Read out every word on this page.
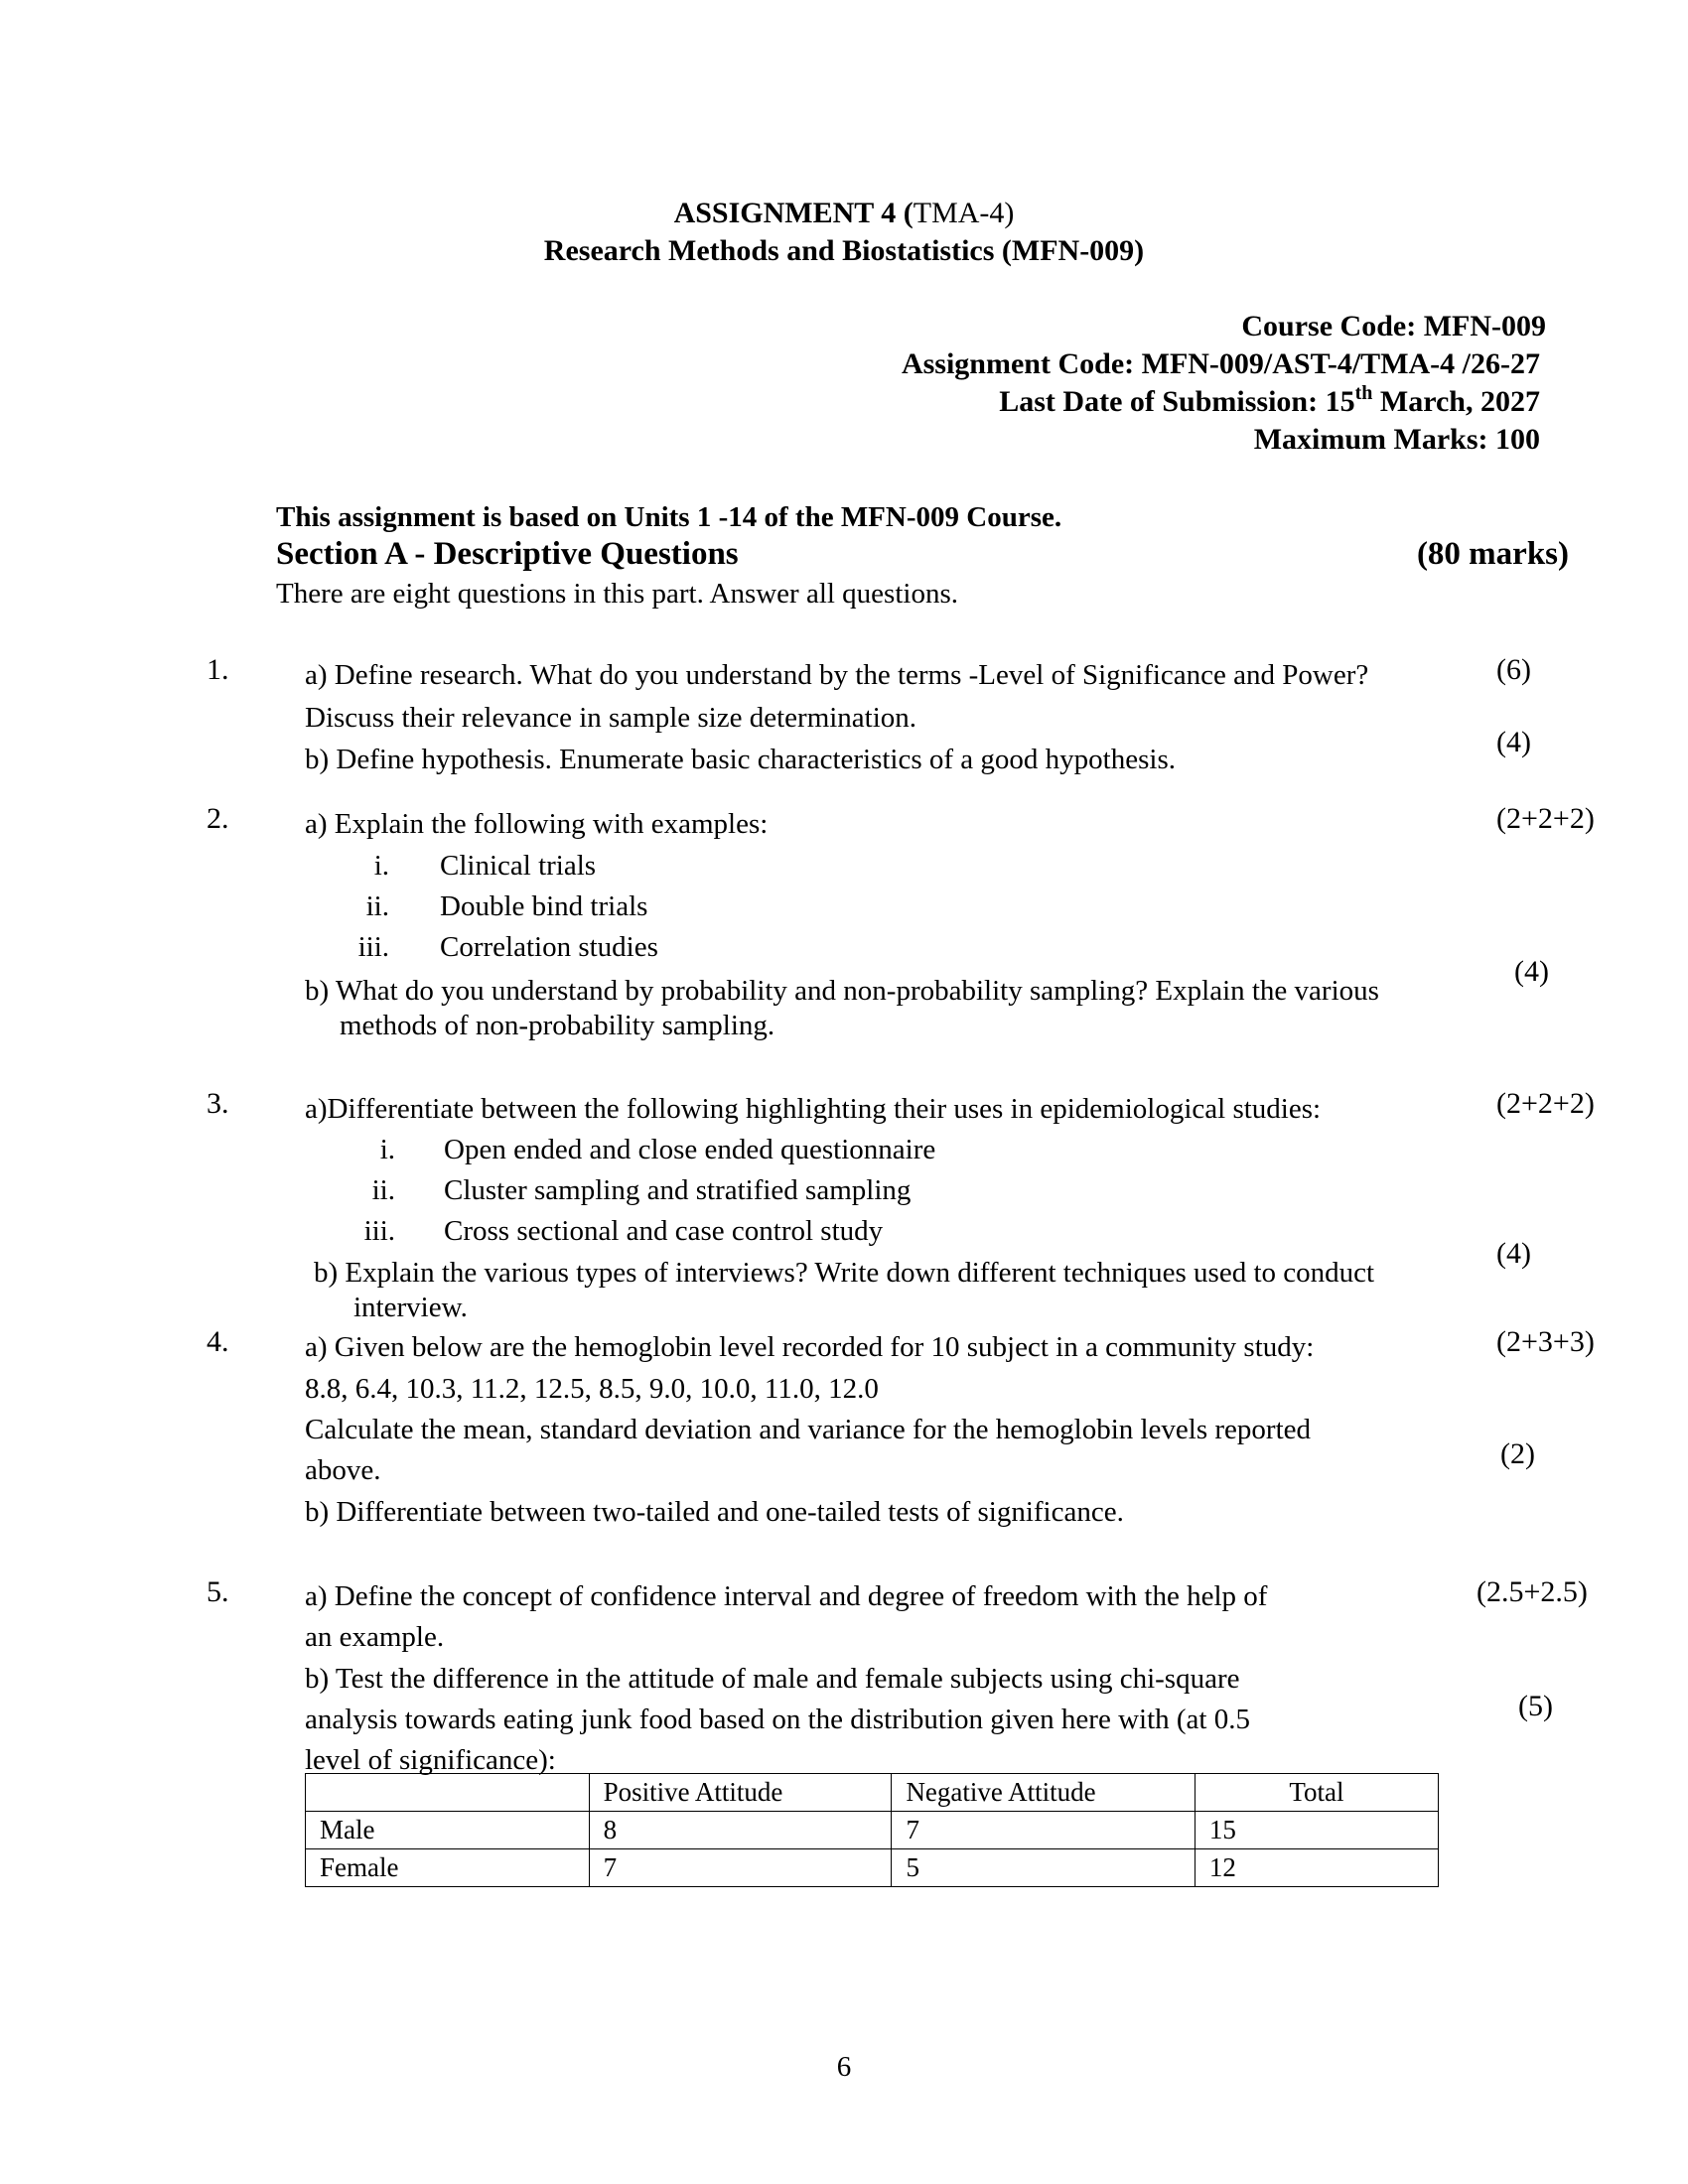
ASSIGNMENT 4 (TMA-4)
Research Methods and Biostatistics (MFN-009)
Course Code: MFN-009
Assignment Code: MFN-009/AST-4/TMA-4 /26-27
Last Date of Submission: 15th March, 2027
Maximum Marks: 100
This assignment is based on Units 1 -14 of the MFN-009 Course.
Section A - Descriptive Questions	(80 marks)
There are eight questions in this part. Answer all questions.
1.	a) Define research. What do you understand by the terms -Level of Significance and Power?
Discuss their relevance in sample size determination.
b) Define hypothesis. Enumerate basic characteristics of a good hypothesis.
(6)
(4)
2.	a) Explain the following with examples:
i. Clinical trials
ii. Double bind trials
iii. Correlation studies
b) What do you understand by probability and non-probability sampling? Explain the various
methods of non-probability sampling.
(2+2+2)
(4)
3.	a)Differentiate between the following highlighting their uses in epidemiological studies:
i. Open ended and close ended questionnaire
ii. Cluster sampling and stratified sampling
iii. Cross sectional and case control study
b) Explain the various types of interviews? Write down different techniques used to conduct
interview.
(2+2+2)
(4)
4.	a) Given below are the hemoglobin level recorded for 10 subject in a community study:
8.8, 6.4, 10.3, 11.2, 12.5, 8.5, 9.0, 10.0, 11.0, 12.0
Calculate the mean, standard deviation and variance for the hemoglobin levels reported
above.
b) Differentiate between two-tailed and one-tailed tests of significance.
(2+3+3)
(2)
5.	a) Define the concept of confidence interval and degree of freedom with the help of
an example.
b) Test the difference in the attitude of male and female subjects using chi-square
analysis towards eating junk food based on the distribution given here with (at 0.5
level of significance):
(2.5+2.5)
(5)
	Positive Attitude	Negative Attitude	Total
Male	8	7	15
Female	7	5	12
6
